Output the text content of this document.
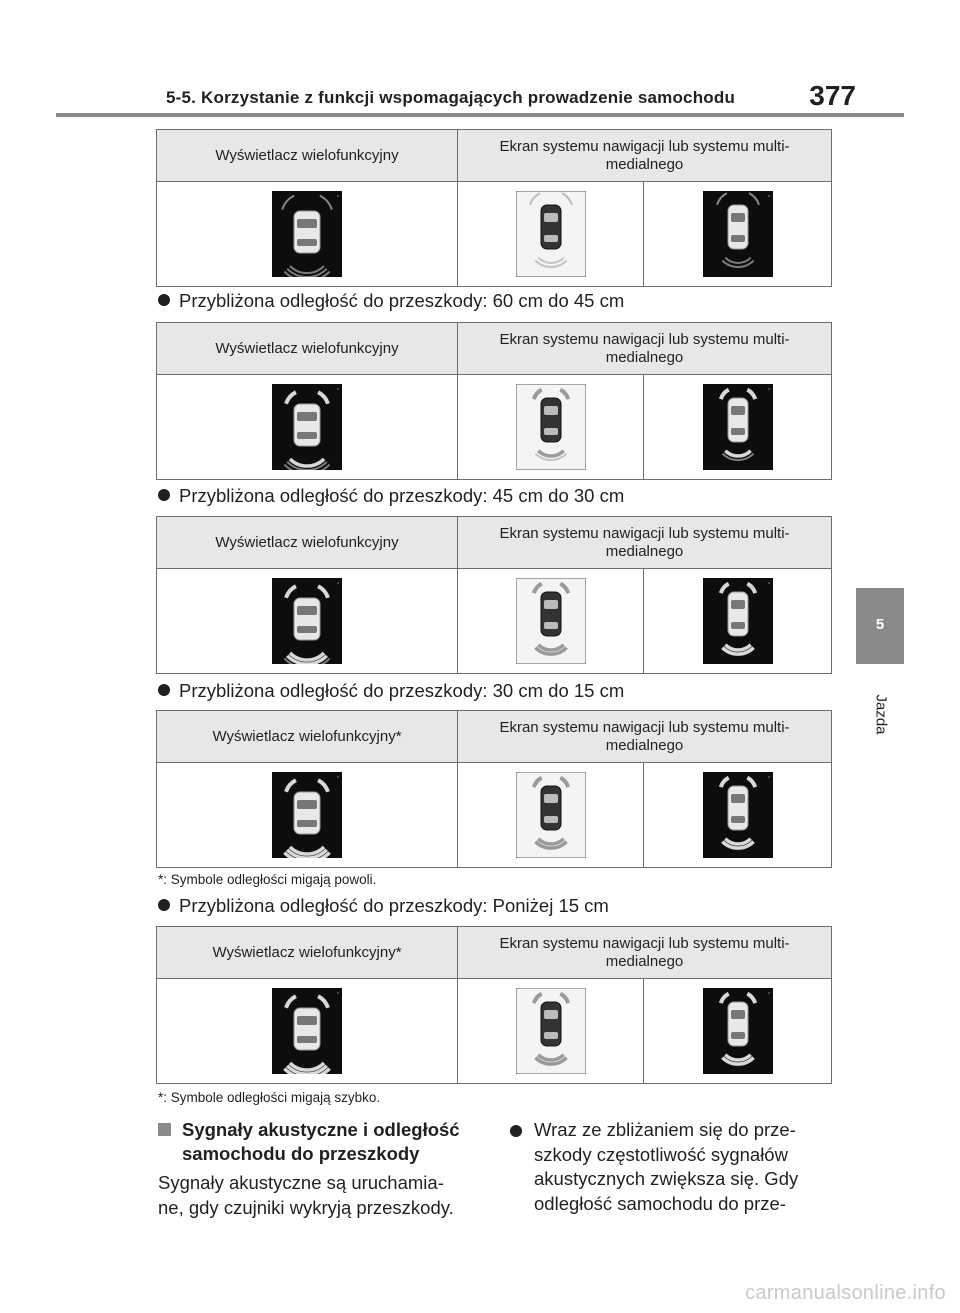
5-5. Korzystanie z funkcji wspomagających prowadzenie samochodu	377
5
Jazda
Wyświetlacz wielofunkcyjny
Ekran systemu nawigacji lub systemu multi-
medialnego
Przybliżona odległość do przeszkody: 60 cm do 45 cm
Wyświetlacz wielofunkcyjny
Ekran systemu nawigacji lub systemu multi-
medialnego
Przybliżona odległość do przeszkody: 45 cm do 30 cm
Wyświetlacz wielofunkcyjny
Ekran systemu nawigacji lub systemu multi-
medialnego
Przybliżona odległość do przeszkody: 30 cm do 15 cm
Wyświetlacz wielofunkcyjny*
Ekran systemu nawigacji lub systemu multi-
medialnego
*: Symbole odległości migają powoli.
Przybliżona odległość do przeszkody: Poniżej 15 cm
Wyświetlacz wielofunkcyjny*
Ekran systemu nawigacji lub systemu multi-
medialnego
*: Symbole odległości migają szybko.
Sygnały akustyczne i odległość
samochodu do przeszkody
Sygnały akustyczne są uruchamia-
ne, gdy czujniki wykryją przeszkody.
Wraz ze zbliżaniem się do prze-
szkody częstotliwość sygnałów
akustycznych zwiększa się. Gdy
odległość samochodu do prze-
carmanualsonline.info
